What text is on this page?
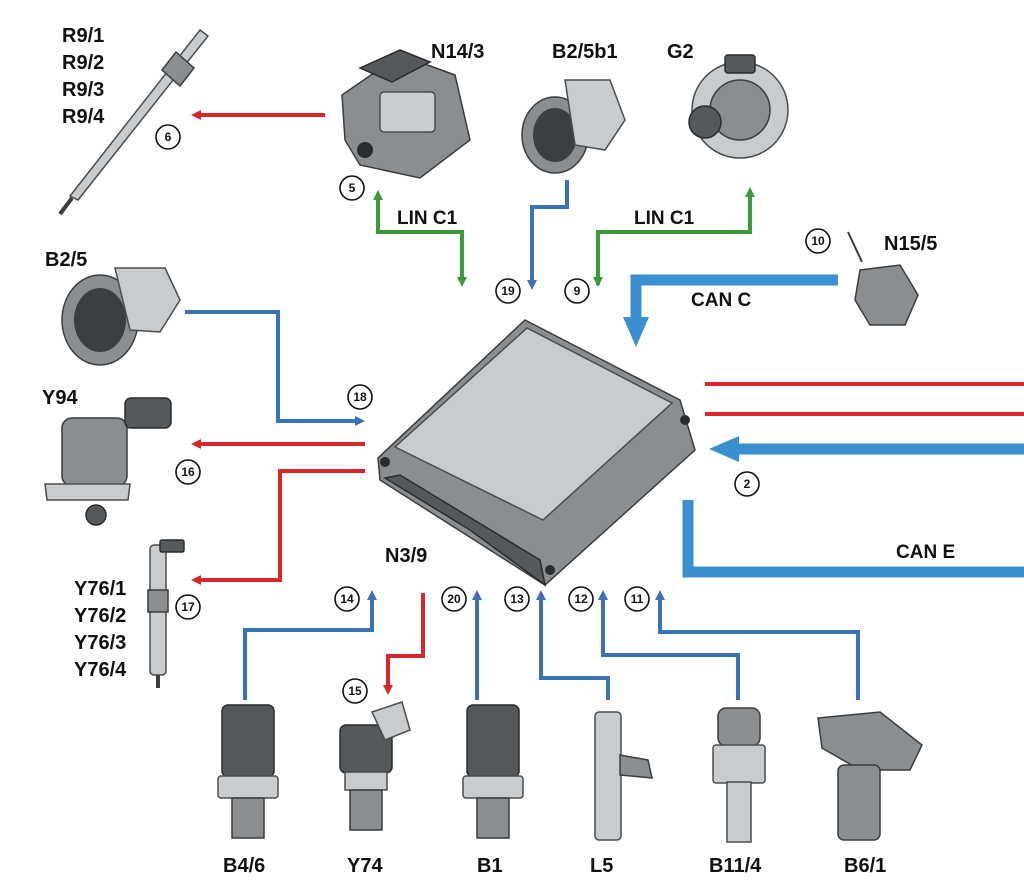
R9/1
R9/2
R9/3
R9/4
N14/3	B2/5b1 G2
N15/5
B2/5
Y94
N3/9
Y76/1
Y76/2
Y76/3
Y76/4
B4/6	Y74	B1	L5	B11/4	B6/1
LIN C1	LIN C1
CAN C
CAN E
6
5
19	9
10
18
16
2
17
14	20	13	12	11
15
